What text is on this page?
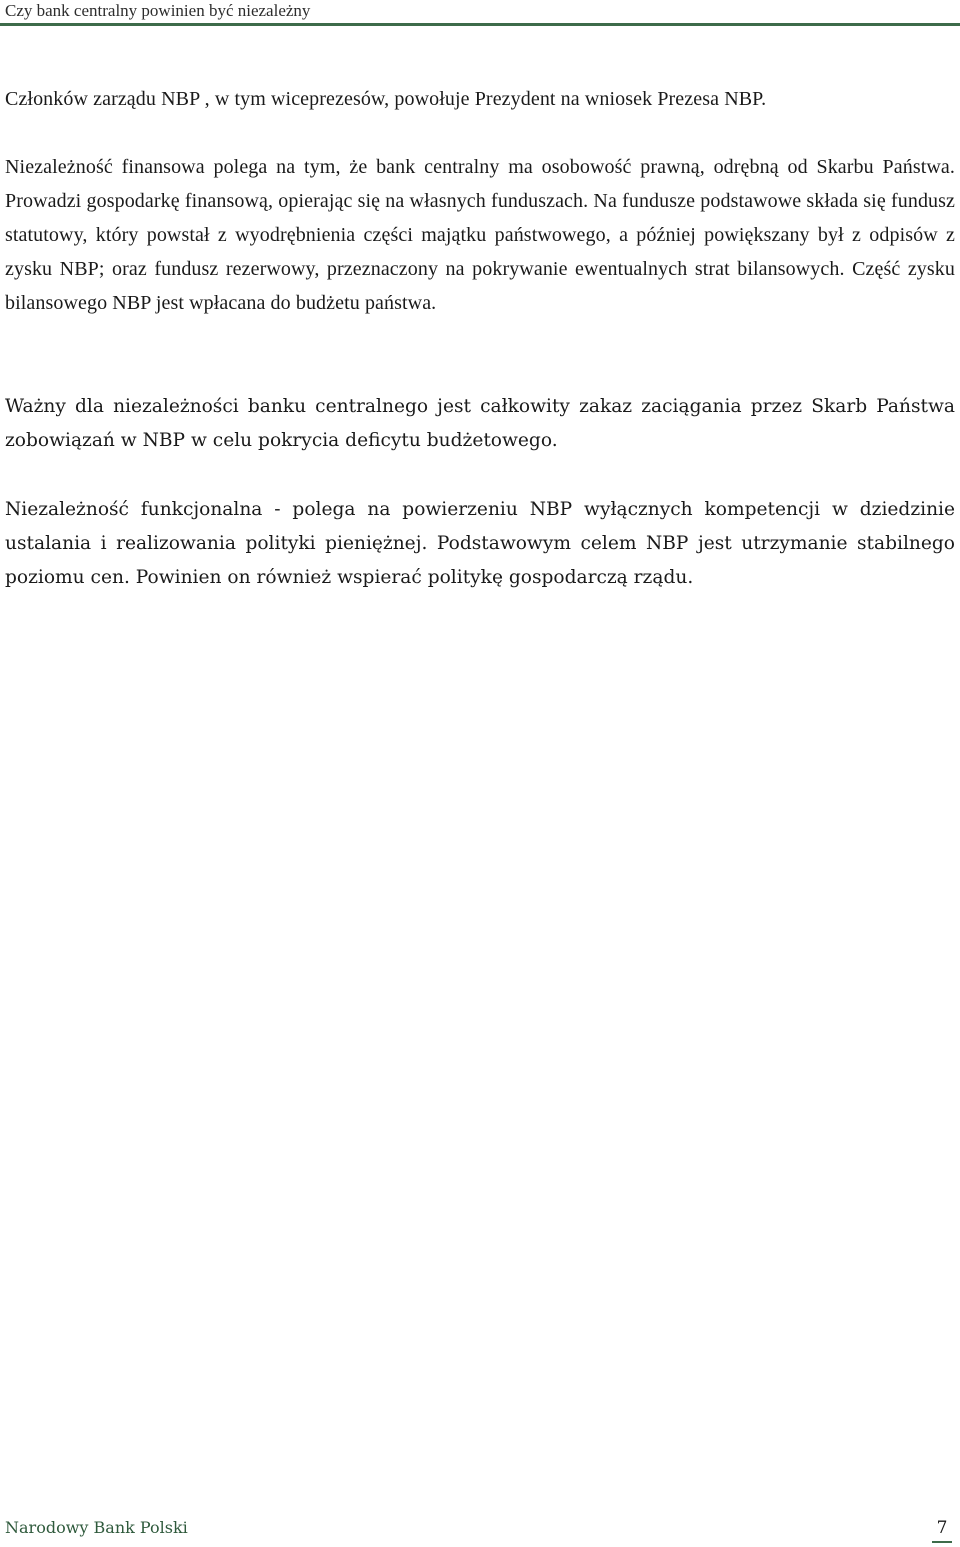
Czy bank centralny powinien być niezależny

Członków zarządu NBP , w tym wiceprezesów, powołuje Prezydent na wniosek Prezesa NBP.

Niezależność finansowa polega na tym, że bank centralny ma osobowość prawną, odrębną od Skarbu Państwa. Prowadzi gospodarkę finansową, opierając się na własnych funduszach. Na fundusze podstawowe składa się fundusz statutowy, który powstał z wyodrębnienia części majątku państwowego, a później powiększany był z odpisów z zysku NBP; oraz fundusz rezerwowy, przeznaczony na pokrywanie ewentualnych strat bilansowych. Część zysku bilansowego NBP jest wpłacana do budżetu państwa.

Ważny dla niezależności banku centralnego jest całkowity zakaz zaciągania przez Skarb Państwa zobowiązań w NBP w celu pokrycia deficytu budżetowego.

Niezależność funkcjonalna - polega na powierzeniu NBP wyłącznych kompetencji w dziedzinie ustalania i realizowania polityki pieniężnej. Podstawowym celem NBP jest utrzymanie stabilnego poziomu cen. Powinien on również wspierać politykę gospodarczą rządu.

Narodowy Bank Polski	7
